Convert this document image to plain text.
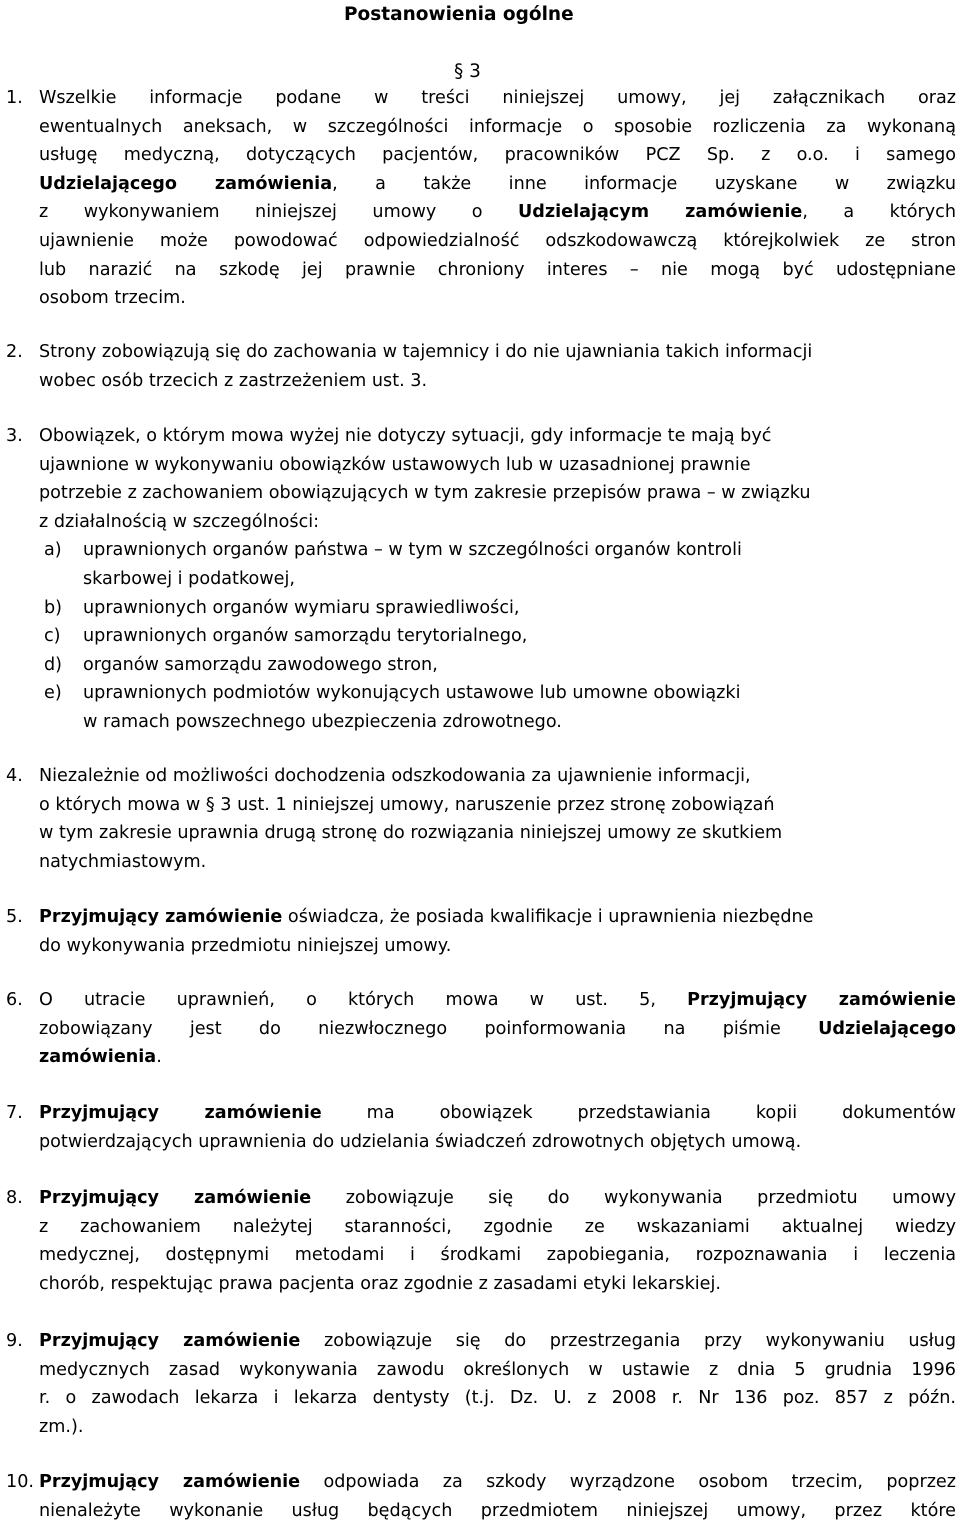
Postanowienia ogólne
§ 3
1. Wszelkie informacje podane w treści niniejszej umowy, jej załącznikach oraz
ewentualnych aneksach, w szczególności informacje o sposobie rozliczenia za wykonaną
usługę medyczną, dotyczących pacjentów, pracowników PCZ Sp. z o.o. i samego
Udzielającego zamówienia, a także inne informacje uzyskane w związku
z wykonywaniem niniejszej umowy o Udzielającym zamówienie, a których
ujawnienie może powodować odpowiedzialność odszkodowawczą którejkolwiek ze stron
lub narazić na szkodę jej prawnie chroniony interes – nie mogą być udostępniane
osobom trzecim.
2. Strony zobowiązują się do zachowania w tajemnicy i do nie ujawniania takich informacji
wobec osób trzecich z zastrzeżeniem ust. 3.
3. Obowiązek, o którym mowa wyżej nie dotyczy sytuacji, gdy informacje te mają być
ujawnione w wykonywaniu obowiązków ustawowych lub w uzasadnionej prawnie
potrzebie z zachowaniem obowiązujących w tym zakresie przepisów prawa – w związku
z działalnością w szczególności:
a) uprawnionych organów państwa – w tym w szczególności organów kontroli
skarbowej i podatkowej,
b) uprawnionych organów wymiaru sprawiedliwości,
c) uprawnionych organów samorządu terytorialnego,
d) organów samorządu zawodowego stron,
e) uprawnionych podmiotów wykonujących ustawowe lub umowne obowiązki
w ramach powszechnego ubezpieczenia zdrowotnego.
4. Niezależnie od możliwości dochodzenia odszkodowania za ujawnienie informacji,
o których mowa w § 3 ust. 1 niniejszej umowy, naruszenie przez stronę zobowiązań
w tym zakresie uprawnia drugą stronę do rozwiązania niniejszej umowy ze skutkiem
natychmiastowym.
5. Przyjmujący zamówienie oświadcza, że posiada kwalifikacje i uprawnienia niezbędne
do wykonywania przedmiotu niniejszej umowy.
6. O utracie uprawnień, o których mowa w ust. 5, Przyjmujący zamówienie
zobowiązany jest do niezwłocznego poinformowania na piśmie Udzielającego
zamówienia.
7. Przyjmujący zamówienie ma obowiązek przedstawiania kopii dokumentów
potwierdzających uprawnienia do udzielania świadczeń zdrowotnych objętych umową.
8. Przyjmujący zamówienie zobowiązuje się do wykonywania przedmiotu umowy
z zachowaniem należytej staranności, zgodnie ze wskazaniami aktualnej wiedzy
medycznej, dostępnymi metodami i środkami zapobiegania, rozpoznawania i leczenia
chorób, respektując prawa pacjenta oraz zgodnie z zasadami etyki lekarskiej.
9. Przyjmujący zamówienie zobowiązuje się do przestrzegania przy wykonywaniu usług
medycznych zasad wykonywania zawodu określonych w ustawie z dnia 5 grudnia 1996
r. o zawodach lekarza i lekarza dentysty (t.j. Dz. U. z 2008 r. Nr 136 poz. 857 z późn.
zm.).
10. Przyjmujący zamówienie odpowiada za szkody wyrządzone osobom trzecim, poprzez
nienależyte wykonanie usług będących przedmiotem niniejszej umowy, przez które
